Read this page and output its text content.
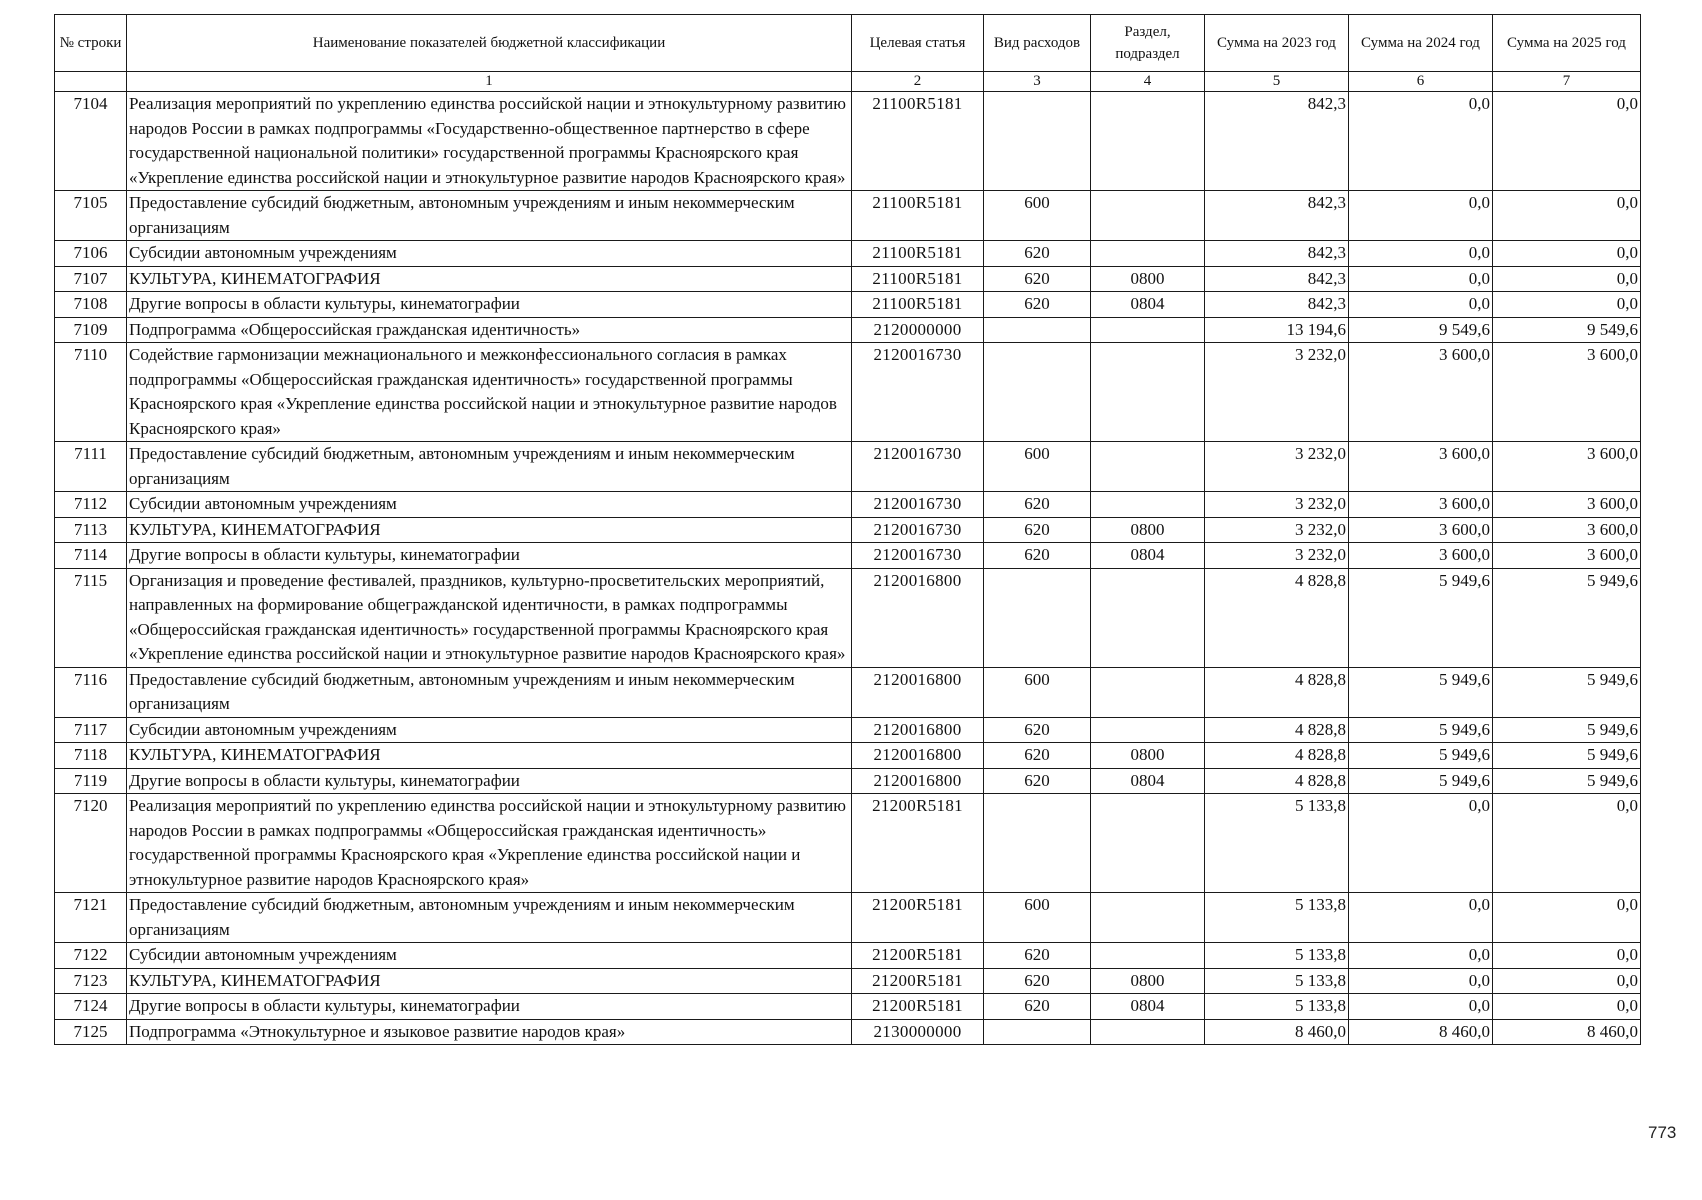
№ строки	Наименование показателей бюджетной классификации	Целевая статья	Вид расходов	Раздел, подраздел	Сумма на 2023 год	Сумма на 2024 год	Сумма на 2025 год
	1	2	3	4	5	6	7
7104	Реализация мероприятий по укреплению единства российской нации и этнокультурному развитию народов России в рамках подпрограммы «Государственно-общественное партнерство в сфере государственной национальной политики» государственной программы Красноярского края «Укрепление единства российской нации и этнокультурное развитие народов Красноярского края»	21100R5181			842,3	0,0	0,0
7105	Предоставление субсидий бюджетным, автономным учреждениям и иным некоммерческим организациям	21100R5181	600		842,3	0,0	0,0
7106	Субсидии автономным учреждениям	21100R5181	620		842,3	0,0	0,0
7107	КУЛЬТУРА, КИНЕМАТОГРАФИЯ	21100R5181	620	0800	842,3	0,0	0,0
7108	Другие вопросы в области культуры, кинематографии	21100R5181	620	0804	842,3	0,0	0,0
7109	Подпрограмма «Общероссийская гражданская идентичность»	2120000000			13 194,6	9 549,6	9 549,6
7110	Содействие гармонизации межнационального и межконфессионального согласия в рамках подпрограммы «Общероссийская гражданская идентичность» государственной программы Красноярского края «Укрепление единства российской нации и этнокультурное развитие народов Красноярского края»	2120016730			3 232,0	3 600,0	3 600,0
7111	Предоставление субсидий бюджетным, автономным учреждениям и иным некоммерческим организациям	2120016730	600		3 232,0	3 600,0	3 600,0
7112	Субсидии автономным учреждениям	2120016730	620		3 232,0	3 600,0	3 600,0
7113	КУЛЬТУРА, КИНЕМАТОГРАФИЯ	2120016730	620	0800	3 232,0	3 600,0	3 600,0
7114	Другие вопросы в области культуры, кинематографии	2120016730	620	0804	3 232,0	3 600,0	3 600,0
7115	Организация и проведение фестивалей, праздников, культурно-просветительских мероприятий, направленных на формирование общегражданской идентичности, в рамках подпрограммы «Общероссийская гражданская идентичность» государственной программы Красноярского края «Укрепление единства российской нации и этнокультурное развитие народов Красноярского края»	2120016800			4 828,8	5 949,6	5 949,6
7116	Предоставление субсидий бюджетным, автономным учреждениям и иным некоммерческим организациям	2120016800	600		4 828,8	5 949,6	5 949,6
7117	Субсидии автономным учреждениям	2120016800	620		4 828,8	5 949,6	5 949,6
7118	КУЛЬТУРА, КИНЕМАТОГРАФИЯ	2120016800	620	0800	4 828,8	5 949,6	5 949,6
7119	Другие вопросы в области культуры, кинематографии	2120016800	620	0804	4 828,8	5 949,6	5 949,6
7120	Реализация мероприятий по укреплению единства российской нации и этнокультурному развитию народов России в рамках подпрограммы «Общероссийская гражданская идентичность» государственной программы Красноярского края «Укрепление единства российской нации и этнокультурное развитие народов Красноярского края»	21200R5181			5 133,8	0,0	0,0
7121	Предоставление субсидий бюджетным, автономным учреждениям и иным некоммерческим организациям	21200R5181	600		5 133,8	0,0	0,0
7122	Субсидии автономным учреждениям	21200R5181	620		5 133,8	0,0	0,0
7123	КУЛЬТУРА, КИНЕМАТОГРАФИЯ	21200R5181	620	0800	5 133,8	0,0	0,0
7124	Другие вопросы в области культуры, кинематографии	21200R5181	620	0804	5 133,8	0,0	0,0
7125	Подпрограмма «Этнокультурное и языковое развитие народов края»	2130000000			8 460,0	8 460,0	8 460,0
773
